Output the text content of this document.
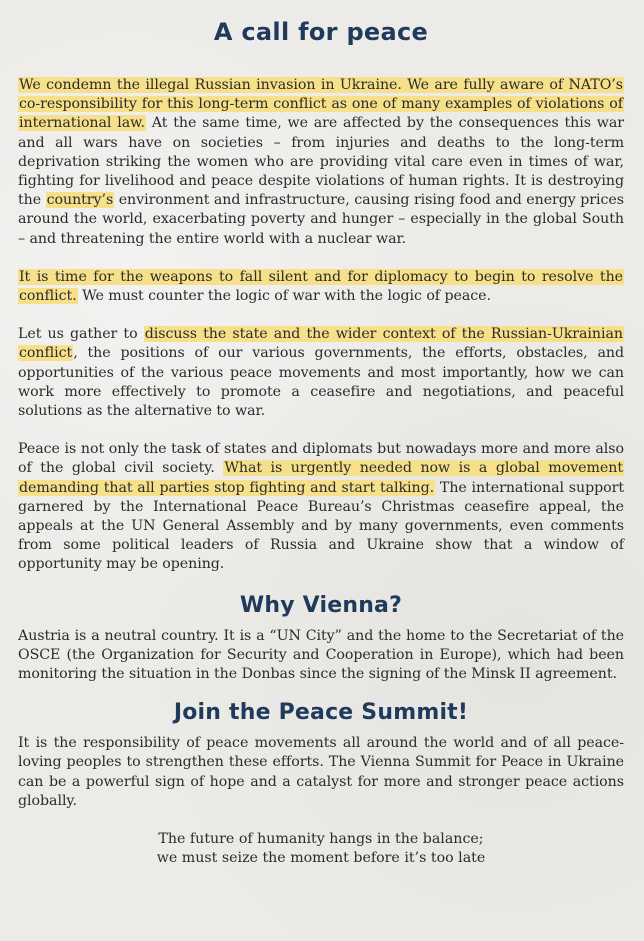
A call for peace

We condemn the illegal Russian invasion in Ukraine. We are fully aware of NATO’s co-responsibility for this long-term conflict as one of many examples of violations of international law. At the same time, we are affected by the consequences this war and all wars have on societies – from injuries and deaths to the long-term deprivation striking the women who are providing vital care even in times of war, fighting for livelihood and peace despite violations of human rights. It is destroying the country’s environment and infrastructure, causing rising food and energy prices around the world, exacerbating poverty and hunger – especially in the global South – and threatening the entire world with a nuclear war.

It is time for the weapons to fall silent and for diplomacy to begin to resolve the conflict. We must counter the logic of war with the logic of peace.

Let us gather to discuss the state and the wider context of the Russian-Ukrainian conflict, the positions of our various governments, the efforts, obstacles, and opportunities of the various peace movements and most importantly, how we can work more effectively to promote a ceasefire and negotiations, and peaceful solutions as the alternative to war.

Peace is not only the task of states and diplomats but nowadays more and more also of the global civil society. What is urgently needed now is a global movement demanding that all parties stop fighting and start talking. The international support garnered by the International Peace Bureau’s Christmas ceasefire appeal, the appeals at the UN General Assembly and by many governments, even comments from some political leaders of Russia and Ukraine show that a window of opportunity may be opening.

Why Vienna?

Austria is a neutral country. It is a “UN City” and the home to the Secretariat of the OSCE (the Organization for Security and Cooperation in Europe), which had been monitoring the situation in the Donbas since the signing of the Minsk II agreement.

Join the Peace Summit!

It is the responsibility of peace movements all around the world and of all peace-loving peoples to strengthen these efforts. The Vienna Summit for Peace in Ukraine can be a powerful sign of hope and a catalyst for more and stronger peace actions globally.

The future of humanity hangs in the balance;
we must seize the moment before it’s too late
